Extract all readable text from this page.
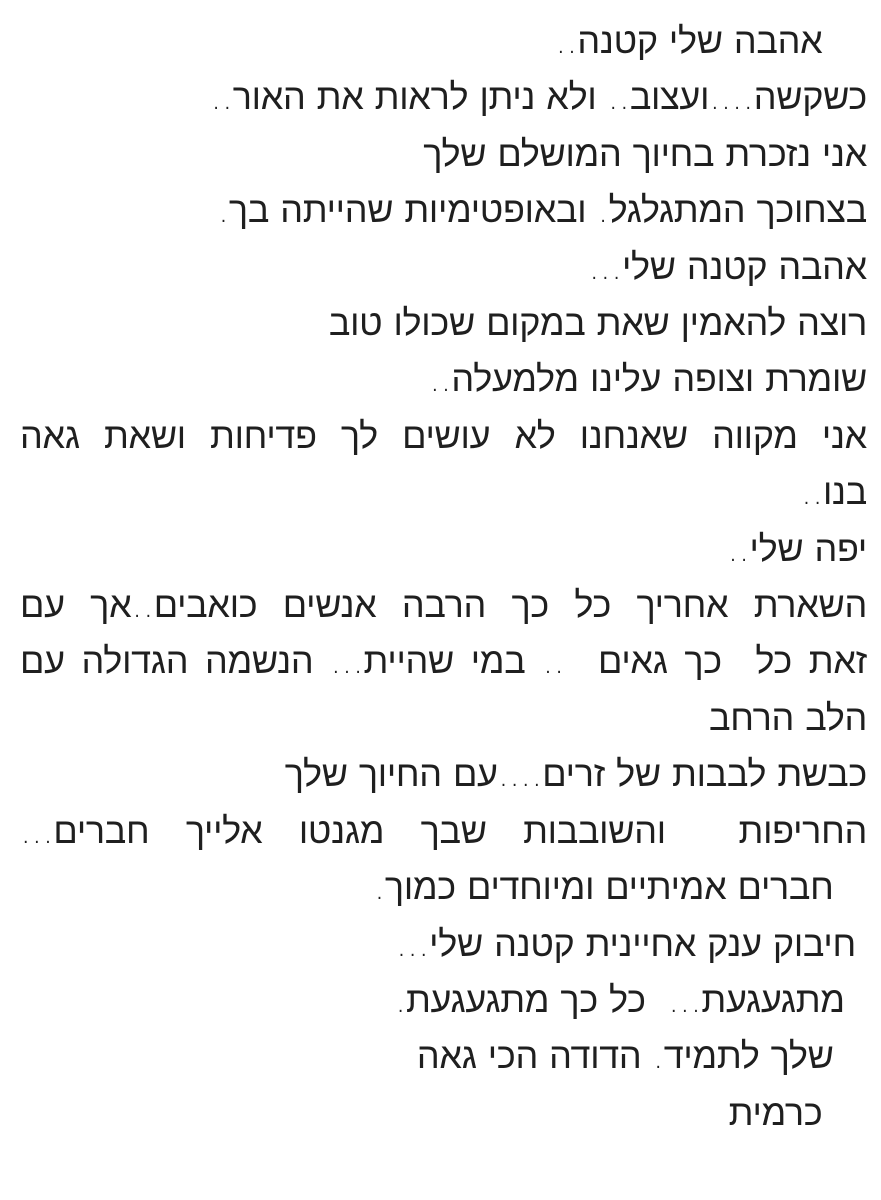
אהבה שלי קטנה..
כשקשה....ועצוב.. ולא ניתן לראות את האור..
אני נזכרת בחיוך המושלם שלך
בצחוכך המתגלגל. ובאופטימיות שהייתה בך.
אהבה קטנה שלי...
רוצה להאמין שאת במקום שכולו טוב
שומרת וצופה עלינו מלמעלה..
אני מקווה שאנחנו לא עושים לך פדיחות ושאת גאה
בנו..
יפה שלי..
השארת אחריך כל כך הרבה אנשים כואבים..אך עם
זאת כל  כך גאים  .. במי שהיית... הנשמה הגדולה עם
הלב הרחב
כבשת לבבות של זרים....עם החיוך שלך
החריפות  והשובבות שבך מגנטו אלייך חברים...
חברים אמיתיים ומיוחדים כמוך.
חיבוק ענק אחיינית קטנה שלי...
מתגעגעת...  כל כך מתגעגעת.
שלך לתמיד. הדודה הכי גאה
כרמית
